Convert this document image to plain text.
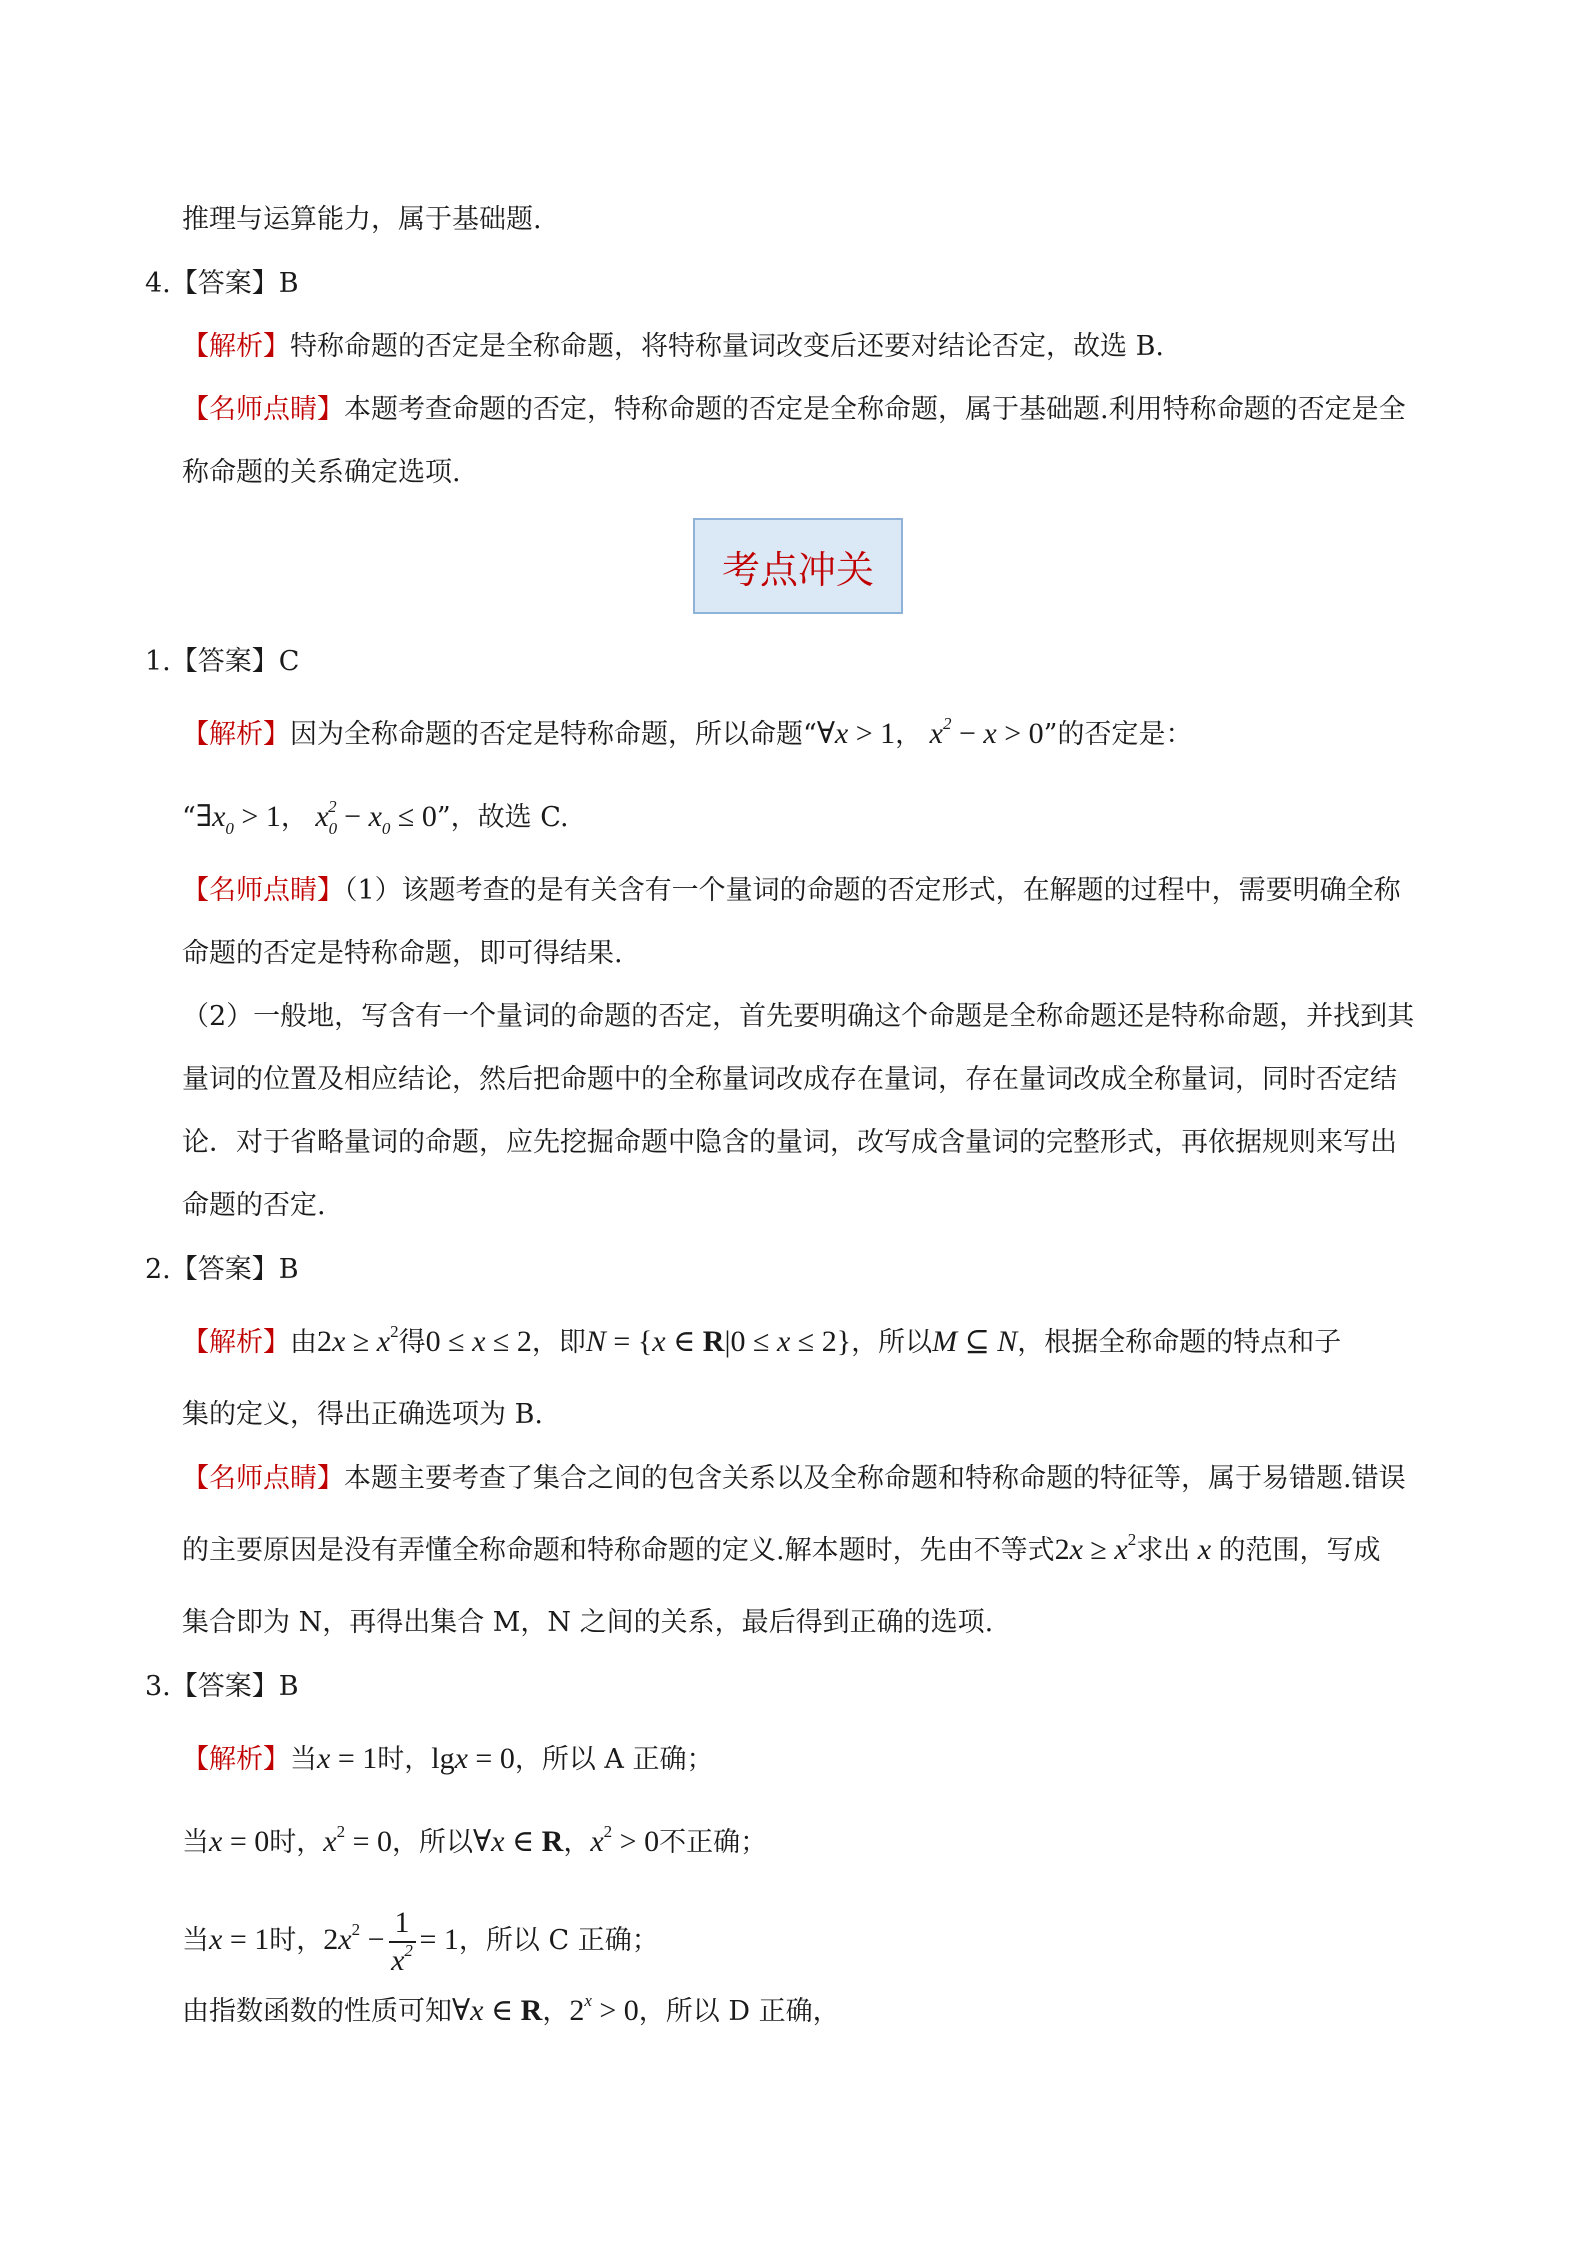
推理与运算能力，属于基础题.
4.【答案】B
【解析】特称命题的否定是全称命题，将特称量词改变后还要对结论否定，故选 B.
【名师点睛】本题考查命题的否定，特称命题的否定是全称命题，属于基础题.利用特称命题的否定是全
称命题的关系确定选项.
考点冲关
1.【答案】C
【解析】因为全称命题的否定是特称命题，所以命题“∀x > 1， $x^2 - x > 0$”的否定是：
“$\exists x_0 > 1$， $x_0^2 - x_0 \le 0$”，故选 C.
【名师点睛】（1）该题考查的是有关含有一个量词的命题的否定形式，在解题的过程中，需要明确全称
命题的否定是特称命题，即可得结果.
（2）一般地，写含有一个量词的命题的否定，首先要明确这个命题是全称命题还是特称命题，并找到其
量词的位置及相应结论，然后把命题中的全称量词改成存在量词，存在量词改成全称量词，同时否定结
论．对于省略量词的命题，应先挖掘命题中隐含的量词，改写成含量词的完整形式，再依据规则来写出
命题的否定.
2.【答案】B
【解析】由$2x \ge x^2$得0 ≤ x ≤ 2，即N = {x ∈ R|0 ≤ x ≤ 2}，所以M ⊆ N，根据全称命题的特点和子
集的定义，得出正确选项为 B.
【名师点睛】本题主要考查了集合之间的包含关系以及全称命题和特称命题的特征等，属于易错题.错误
的主要原因是没有弄懂全称命题和特称命题的定义.解本题时，先由不等式$2x \ge x^2$求出 x 的范围，写成
集合即为 N，再得出集合 M，N 之间的关系，最后得到正确的选项.
3.【答案】B
【解析】当x = 1时，lgx = 0，所以 A 正确；
当x = 0时，$x^2 = 0$，所以∀x ∈ R，$x^2 > 0$不正确；
当x = 1时，$2x^2 - \frac{1}{x^2} = 1$，所以 C 正确；
由指数函数的性质可知∀x ∈ R，$2^x > 0$，所以 D 正确，
